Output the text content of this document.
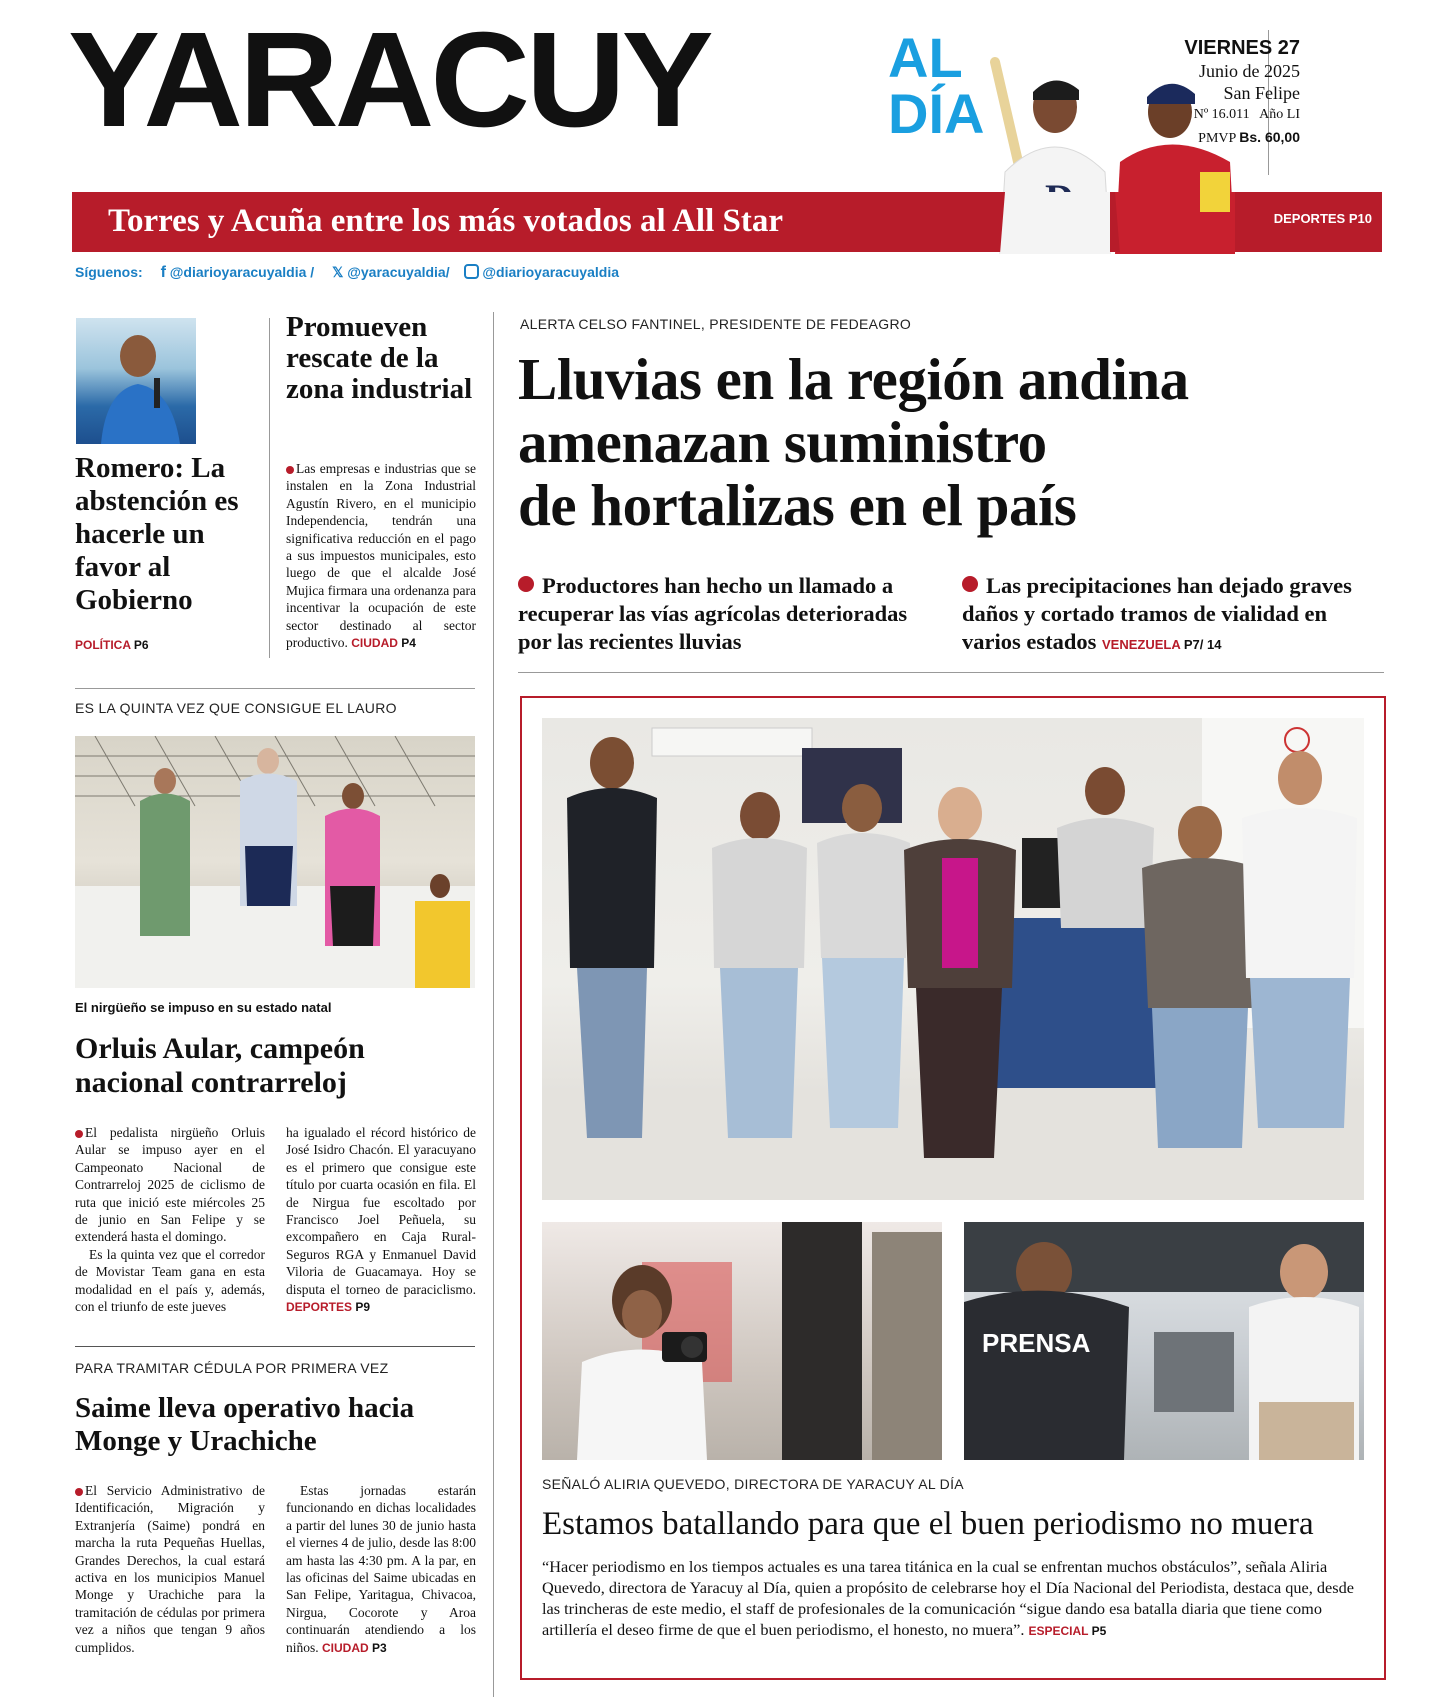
YARACUY	AL
DÍA
VIERNES 27
Junio de 2025
San Felipe
Nº 16.011 Año LI
PMVP Bs. 60,00
Torres y Acuña entre los más votados al All Star	DEPORTES P10
Síguenos: f @diarioyaracuyaldia / 𝕏 @yaracuyaldia/ @diarioyaracuyaldia
Romero: La abstención es hacerle un favor al Gobierno
POLÍTICA P6
Promueven rescate de la zona industrial
Las empresas e industrias que se instalen en la Zona Industrial Agustín Rivero, en el municipio Independencia, tendrán una significativa reducción en el pago a sus impuestos municipales, esto luego de que el alcalde José Mujica firmara una ordenanza para incentivar la ocupación de este sector destinado al sector productivo. CIUDAD P4
ALERTA CELSO FANTINEL, PRESIDENTE DE FEDEAGRO
Lluvias en la región andina
amenazan suministro
de hortalizas en el país
Productores han hecho un llamado a recuperar las vías agrícolas deterioradas por las recientes lluvias
Las precipitaciones han dejado graves daños y cortado tramos de vialidad en varios estados VENEZUELA P7/ 14
ES LA QUINTA VEZ QUE CONSIGUE EL LAURO
El nirgüeño se impuso en su estado natal
Orluis Aular, campeón nacional contrarreloj
El pedalista nirgüeño Orluis Aular se impuso ayer en el Campeonato Nacional de Contrarreloj 2025 de ciclismo de ruta que inició este miércoles 25 de junio en San Felipe y se extenderá hasta el domingo.
Es la quinta vez que el corredor de Movistar Team gana en esta modalidad en el país y, además, con el triunfo de este jueves
ha igualado el récord histórico de José Isidro Chacón. El yaracuyano es el primero que consigue este título por cuarta ocasión en fila. El de Nirgua fue escoltado por Francisco Joel Peñuela, su excompañero en Caja Rural-Seguros RGA y Enmanuel David Viloria de Guacamaya. Hoy se disputa el torneo de paraciclismo. DEPORTES P9
PARA TRAMITAR CÉDULA POR PRIMERA VEZ
Saime lleva operativo hacia Monge y Urachiche
El Servicio Administrativo de Identificación, Migración y Extranjería (Saime) pondrá en marcha la ruta Pequeñas Huellas, Grandes Derechos, la cual estará activa en los municipios Manuel Monge y Urachiche para la tramitación de cédulas por primera vez a niños que tengan 9 años cumplidos.
Estas jornadas estarán funcionando en dichas localidades a partir del lunes 30 de junio hasta el viernes 4 de julio, desde las 8:00 am hasta las 4:30 pm. A la par, en las oficinas del Saime ubicadas en San Felipe, Yaritagua, Chivacoa, Nirgua, Cocorote y Aroa continuarán atendiendo a los niños. CIUDAD P3
PRENSA
SEÑALÓ ALIRIA QUEVEDO, DIRECTORA DE YARACUY AL DÍA
Estamos batallando para que el buen periodismo no muera
“Hacer periodismo en los tiempos actuales es una tarea titánica en la cual se enfrentan muchos obstáculos”, señala Aliria Quevedo, directora de Yaracuy al Día, quien a propósito de celebrarse hoy el Día Nacional del Periodista, destaca que, desde las trincheras de este medio, el staff de profesionales de la comunicación “sigue dando esa batalla diaria que tiene como artillería el deseo firme de que el buen periodismo, el honesto, no muera”. ESPECIAL P5
